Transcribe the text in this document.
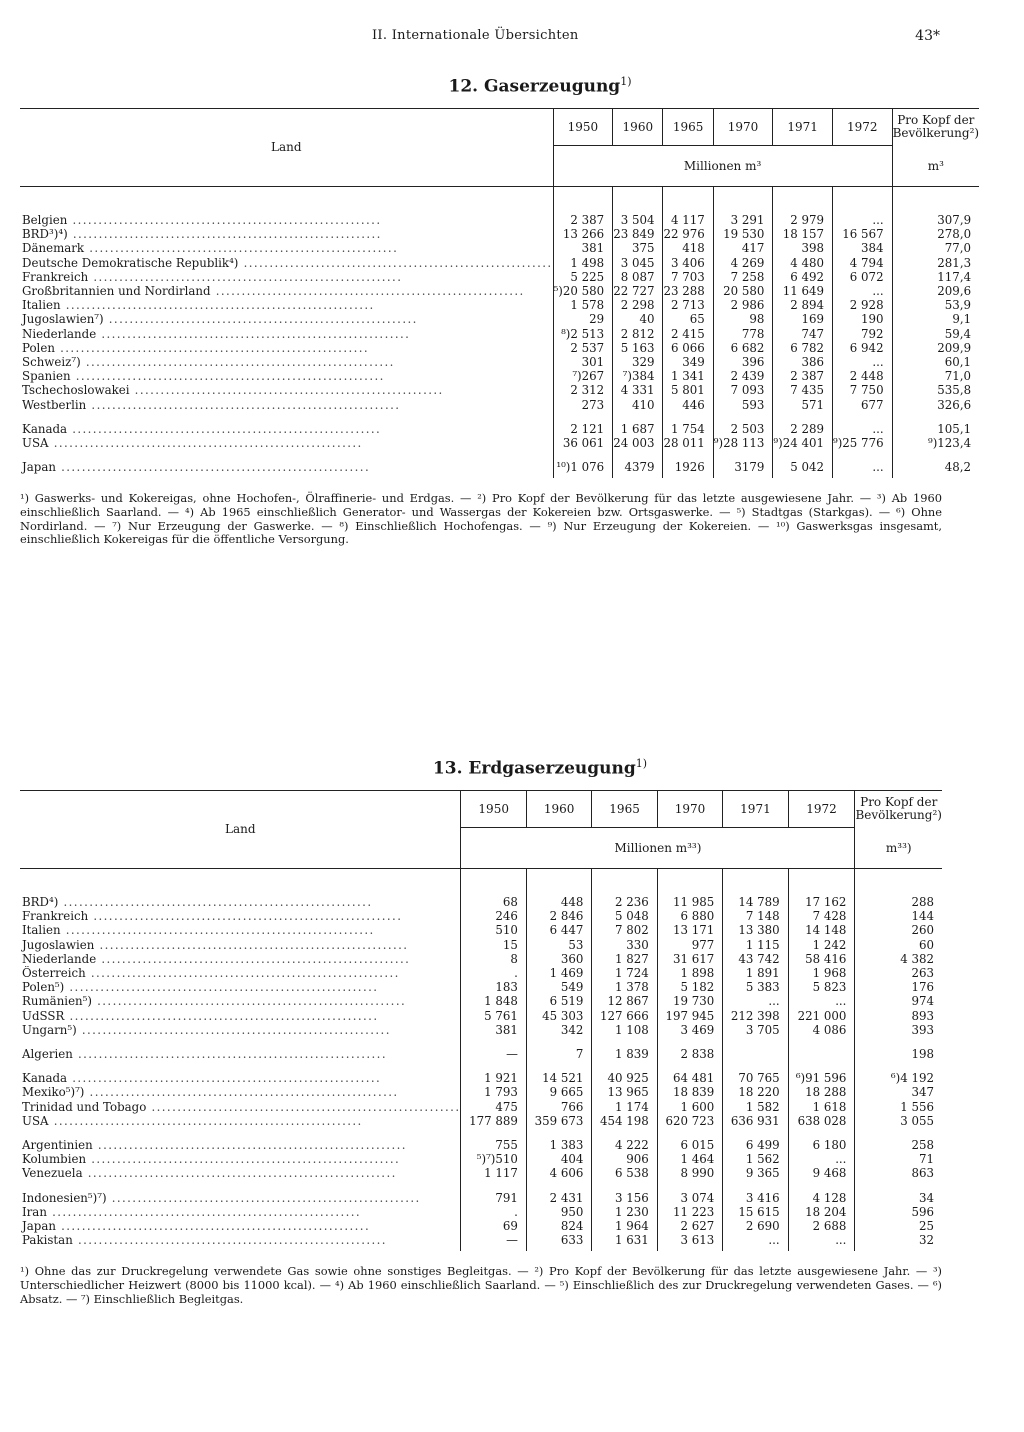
II. Internationale Übersichten	43*
12. Gaserzeugung$^{1)}$
Land	1950	1960	1965	1970	1971	1972	Pro Kopf der Bevölkerung²)
	Millionen m³						m³

Belgien ............................................................	2 387	3 504	4 117	3 291	2 979	...	307,9
BRD³)⁴) ............................................................	13 266	23 849	22 976	19 530	18 157	16 567	278,0
Dänemark ............................................................	381	375	418	417	398	384	77,0
Deutsche Demokratische Republik⁴) ............................................................	1 498	3 045	3 406	4 269	4 480	4 794	281,3
Frankreich ............................................................	5 225	8 087	7 703	7 258	6 492	6 072	117,4
Großbritannien und Nordirland ............................................................	⁵)20 580	22 727	23 288	20 580	11 649	...	209,6
Italien ............................................................	1 578	2 298	2 713	2 986	2 894	2 928	53,9
Jugoslawien⁷) ............................................................	29	40	65	98	169	190	9,1
Niederlande ............................................................	⁸)2 513	2 812	2 415	778	747	792	59,4
Polen ............................................................	2 537	5 163	6 066	6 682	6 782	6 942	209,9
Schweiz⁷) ............................................................	301	329	349	396	386	...	60,1
Spanien ............................................................	⁷)267	⁷)384	1 341	2 439	2 387	2 448	71,0
Tschechoslowakei ............................................................	2 312	4 331	5 801	7 093	7 435	7 750	535,8
Westberlin ............................................................	273	410	446	593	571	677	326,6

Kanada ............................................................	2 121	1 687	1 754	2 503	2 289	...	105,1
USA ............................................................	36 061	24 003	28 011	⁹)28 113	⁹)24 401	⁹)25 776	⁹)123,4

Japan ............................................................	¹⁰)1 076	4379	1926	3179	5 042	...	48,2
¹) Gaswerks- und Kokereigas, ohne Hochofen-, Ölraffinerie- und Erdgas. — ²) Pro Kopf der Bevölkerung für das letzte ausgewiesene Jahr. — ³) Ab 1960 einschließlich Saarland. — ⁴) Ab 1965 einschließlich Generator- und Wassergas der Kokereien bzw. Ortsgaswerke. — ⁵) Stadtgas (Starkgas). — ⁶) Ohne Nordirland. — ⁷) Nur Erzeugung der Gaswerke. — ⁸) Einschließlich Hochofengas. — ⁹) Nur Erzeugung der Kokereien. — ¹⁰) Gaswerksgas insgesamt, einschließlich Kokereigas für die öffentliche Versorgung.
13. Erdgaserzeugung$^{1)}$
Land	1950	1960	1965	1970	1971	1972	Pro Kopf der Bevölkerung²)
	Millionen m³³)						m³³)

BRD⁴) ............................................................	68	448	2 236	11 985	14 789	17 162	288
Frankreich ............................................................	246	2 846	5 048	6 880	7 148	7 428	144
Italien ............................................................	510	6 447	7 802	13 171	13 380	14 148	260
Jugoslawien ............................................................	15	53	330	977	1 115	1 242	60
Niederlande ............................................................	8	360	1 827	31 617	43 742	58 416	4 382
Österreich ............................................................	.	1 469	1 724	1 898	1 891	1 968	263
Polen⁵) ............................................................	183	549	1 378	5 182	5 383	5 823	176
Rumänien⁵) ............................................................	1 848	6 519	12 867	19 730	...	...	974
UdSSR ............................................................	5 761	45 303	127 666	197 945	212 398	221 000	893
Ungarn⁵) ............................................................	381	342	1 108	3 469	3 705	4 086	393

Algerien ............................................................	—	7	1 839	2 838			198

Kanada ............................................................	1 921	14 521	40 925	64 481	70 765	⁶)91 596	⁶)4 192
Mexiko⁵)⁷) ............................................................	1 793	9 665	13 965	18 839	18 220	18 288	347
Trinidad und Tobago ............................................................	475	766	1 174	1 600	1 582	1 618	1 556
USA ............................................................	177 889	359 673	454 198	620 723	636 931	638 028	3 055

Argentinien ............................................................	755	1 383	4 222	6 015	6 499	6 180	258
Kolumbien ............................................................	⁵)⁷)510	404	906	1 464	1 562	...	71
Venezuela ............................................................	1 117	4 606	6 538	8 990	9 365	9 468	863

Indonesien⁵)⁷) ............................................................	791	2 431	3 156	3 074	3 416	4 128	34
Iran ............................................................	.	950	1 230	11 223	15 615	18 204	596
Japan ............................................................	69	824	1 964	2 627	2 690	2 688	25
Pakistan ............................................................	—	633	1 631	3 613	...	...	32
¹) Ohne das zur Druckregelung verwendete Gas sowie ohne sonstiges Begleitgas. — ²) Pro Kopf der Bevölkerung für das letzte ausgewiesene Jahr. — ³) Unterschiedlicher Heizwert (8000 bis 11000 kcal). — ⁴) Ab 1960 einschließlich Saarland. — ⁵) Einschließlich des zur Druckregelung verwendeten Gases. — ⁶) Absatz. — ⁷) Einschließlich Begleitgas.
